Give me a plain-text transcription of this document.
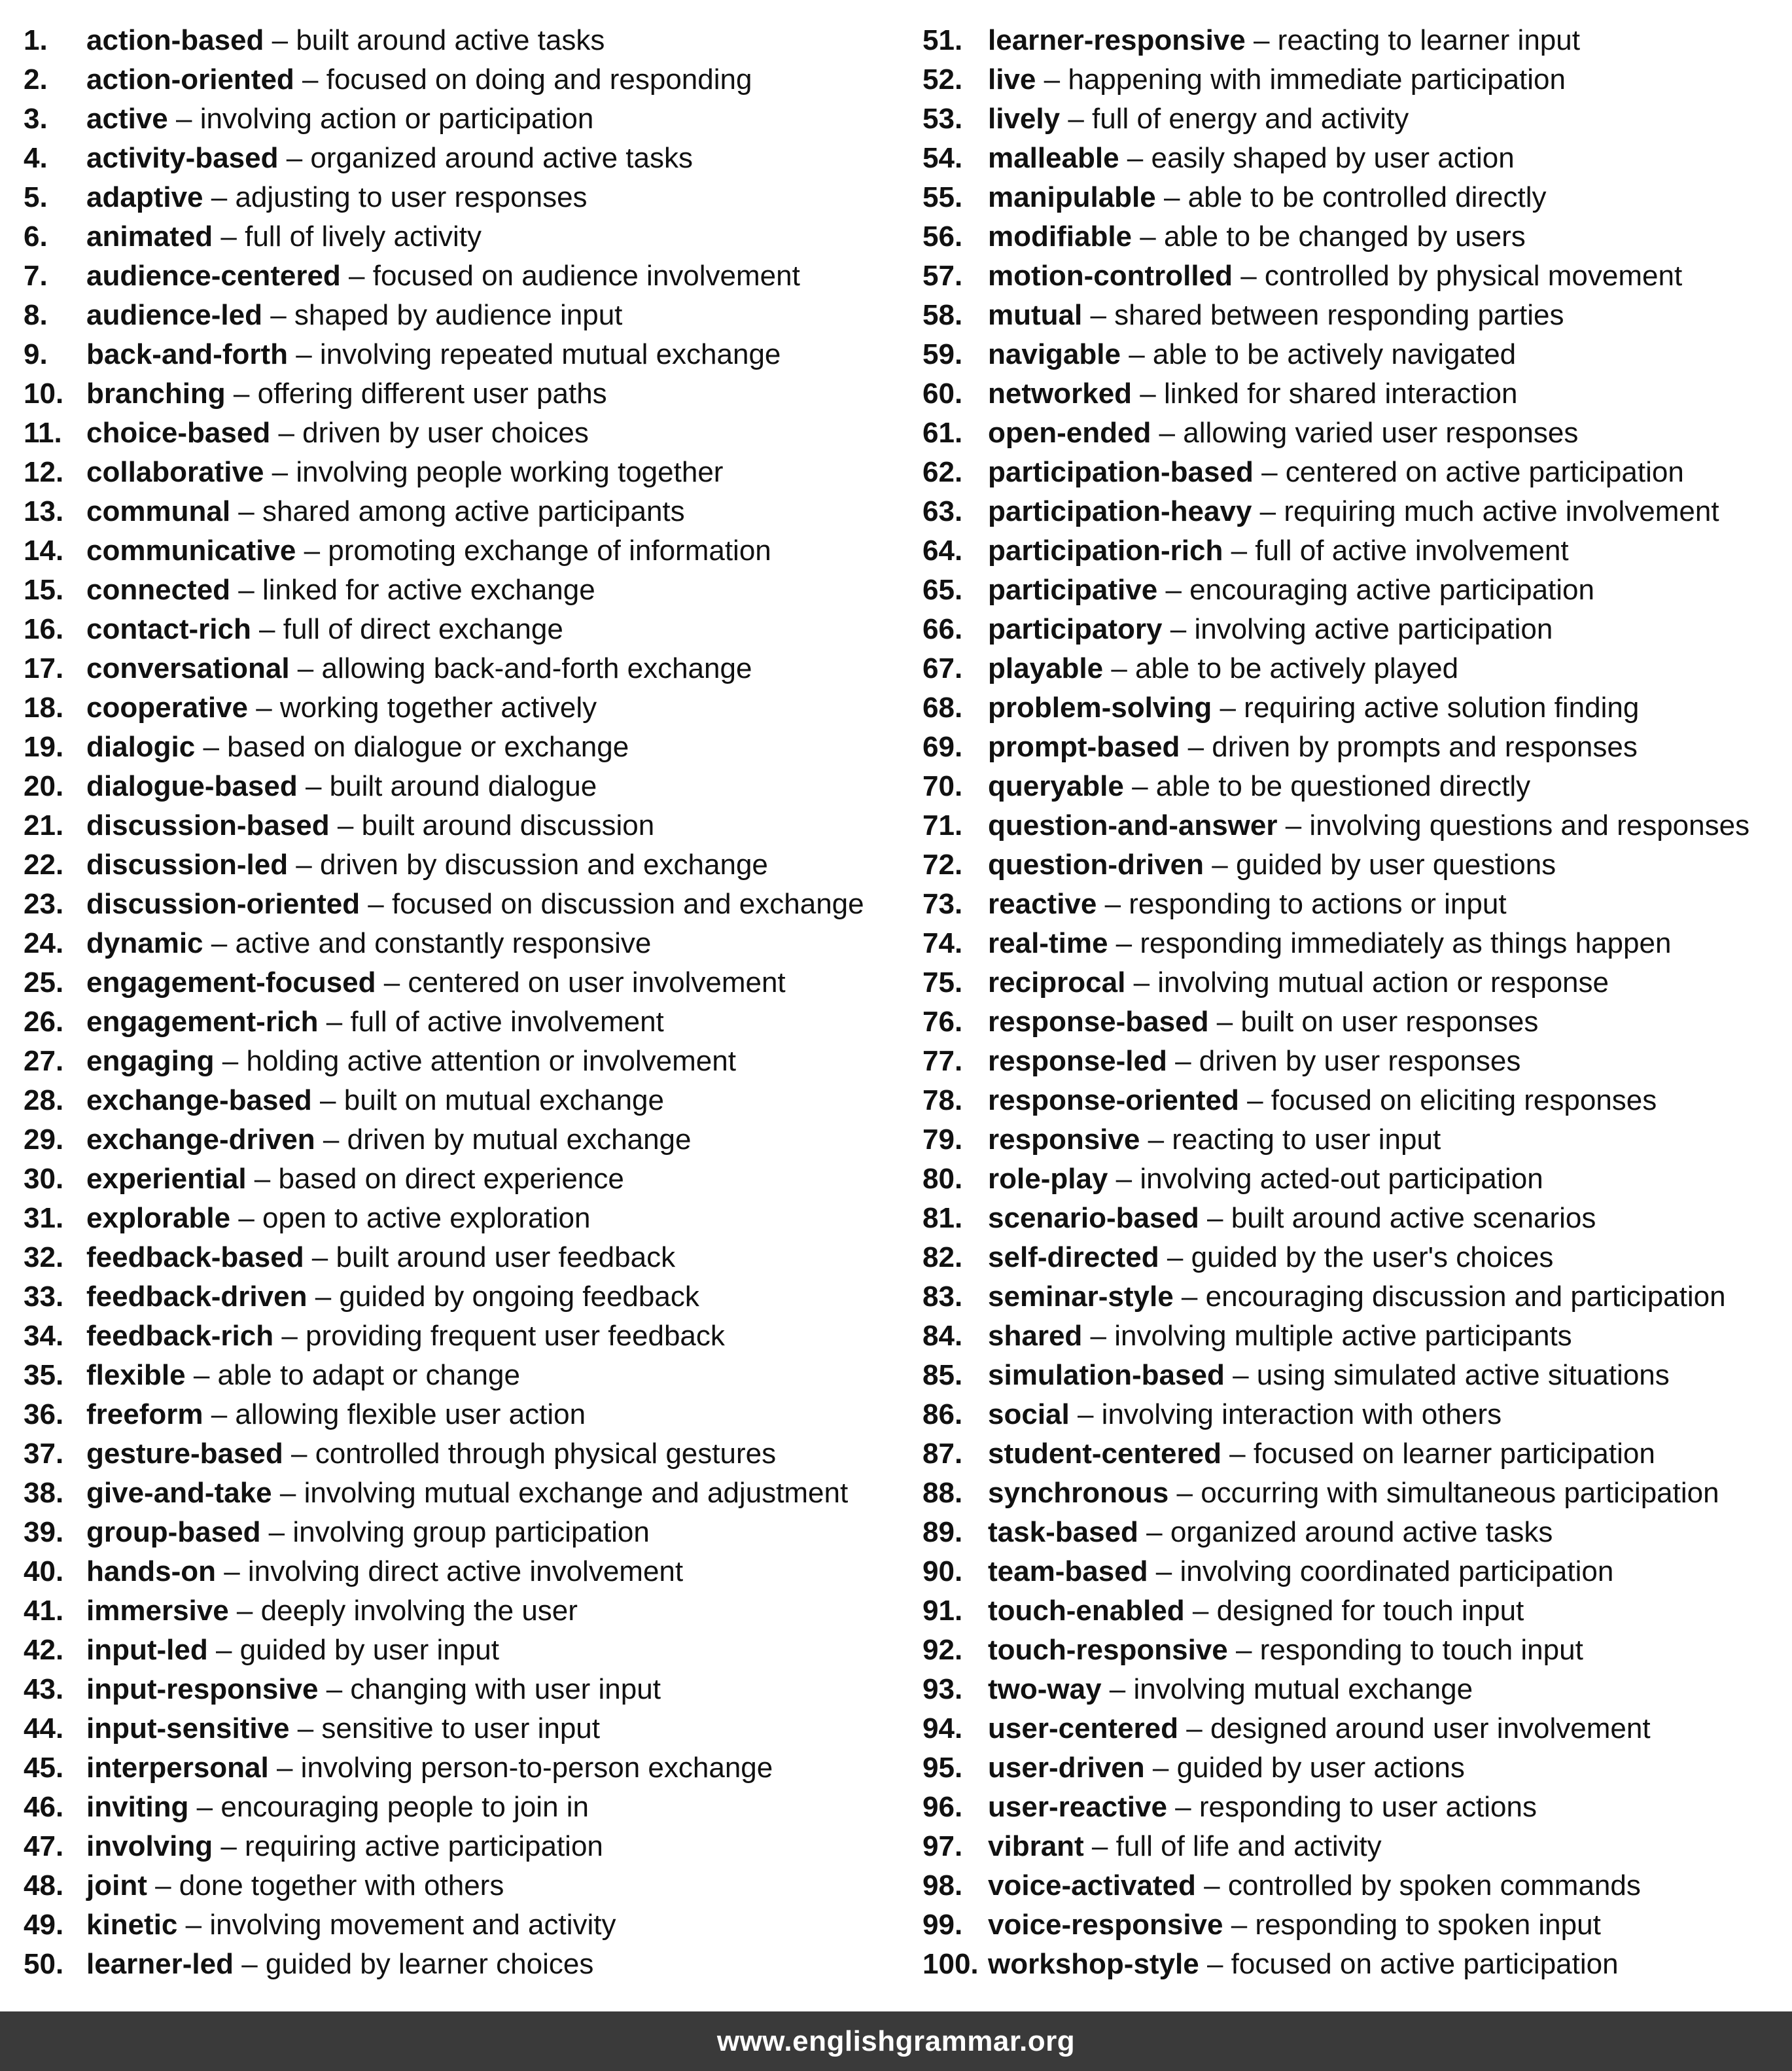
1.	action-based – built around active tasks
2.	action-oriented – focused on doing and responding
3.	active – involving action or participation
4.	activity-based – organized around active tasks
5.	adaptive – adjusting to user responses
6.	animated – full of lively activity
7.	audience-centered – focused on audience involvement
8.	audience-led – shaped by audience input
9.	back-and-forth – involving repeated mutual exchange
10. branching – offering different user paths
11. choice-based – driven by user choices
12. collaborative – involving people working together
13. communal – shared among active participants
14. communicative – promoting exchange of information
15. connected – linked for active exchange
16. contact-rich – full of direct exchange
17. conversational – allowing back-and-forth exchange
18. cooperative – working together actively
19. dialogic – based on dialogue or exchange
20. dialogue-based – built around dialogue
21. discussion-based – built around discussion
22. discussion-led – driven by discussion and exchange
23. discussion-oriented – focused on discussion and exchange
24. dynamic – active and constantly responsive
25. engagement-focused – centered on user involvement
26. engagement-rich – full of active involvement
27. engaging – holding active attention or involvement
28. exchange-based – built on mutual exchange
29. exchange-driven – driven by mutual exchange
30. experiential – based on direct experience
31. explorable – open to active exploration
32. feedback-based – built around user feedback
33. feedback-driven – guided by ongoing feedback
34. feedback-rich – providing frequent user feedback
35. flexible – able to adapt or change
36. freeform – allowing flexible user action
37. gesture-based – controlled through physical gestures
38. give-and-take – involving mutual exchange and adjustment
39. group-based – involving group participation
40. hands-on – involving direct active involvement
41. immersive – deeply involving the user
42. input-led – guided by user input
43. input-responsive – changing with user input
44. input-sensitive – sensitive to user input
45. interpersonal – involving person-to-person exchange
46. inviting – encouraging people to join in
47. involving – requiring active participation
48. joint – done together with others
49. kinetic – involving movement and activity
50. learner-led – guided by learner choices
51. learner-responsive – reacting to learner input
52. live – happening with immediate participation
53. lively – full of energy and activity
54. malleable – easily shaped by user action
55. manipulable – able to be controlled directly
56. modifiable – able to be changed by users
57. motion-controlled – controlled by physical movement
58. mutual – shared between responding parties
59. navigable – able to be actively navigated
60. networked – linked for shared interaction
61. open-ended – allowing varied user responses
62. participation-based – centered on active participation
63. participation-heavy – requiring much active involvement
64. participation-rich – full of active involvement
65. participative – encouraging active participation
66. participatory – involving active participation
67. playable – able to be actively played
68. problem-solving – requiring active solution finding
69. prompt-based – driven by prompts and responses
70. queryable – able to be questioned directly
71. question-and-answer – involving questions and responses
72. question-driven – guided by user questions
73. reactive – responding to actions or input
74. real-time – responding immediately as things happen
75. reciprocal – involving mutual action or response
76. response-based – built on user responses
77. response-led – driven by user responses
78. response-oriented – focused on eliciting responses
79. responsive – reacting to user input
80. role-play – involving acted-out participation
81. scenario-based – built around active scenarios
82. self-directed – guided by the user's choices
83. seminar-style – encouraging discussion and participation
84. shared – involving multiple active participants
85. simulation-based – using simulated active situations
86. social – involving interaction with others
87. student-centered – focused on learner participation
88. synchronous – occurring with simultaneous participation
89. task-based – organized around active tasks
90. team-based – involving coordinated participation
91. touch-enabled – designed for touch input
92. touch-responsive – responding to touch input
93. two-way – involving mutual exchange
94. user-centered – designed around user involvement
95. user-driven – guided by user actions
96. user-reactive – responding to user actions
97. vibrant – full of life and activity
98. voice-activated – controlled by spoken commands
99. voice-responsive – responding to spoken input
100. workshop-style – focused on active participation
www.englishgrammar.org
